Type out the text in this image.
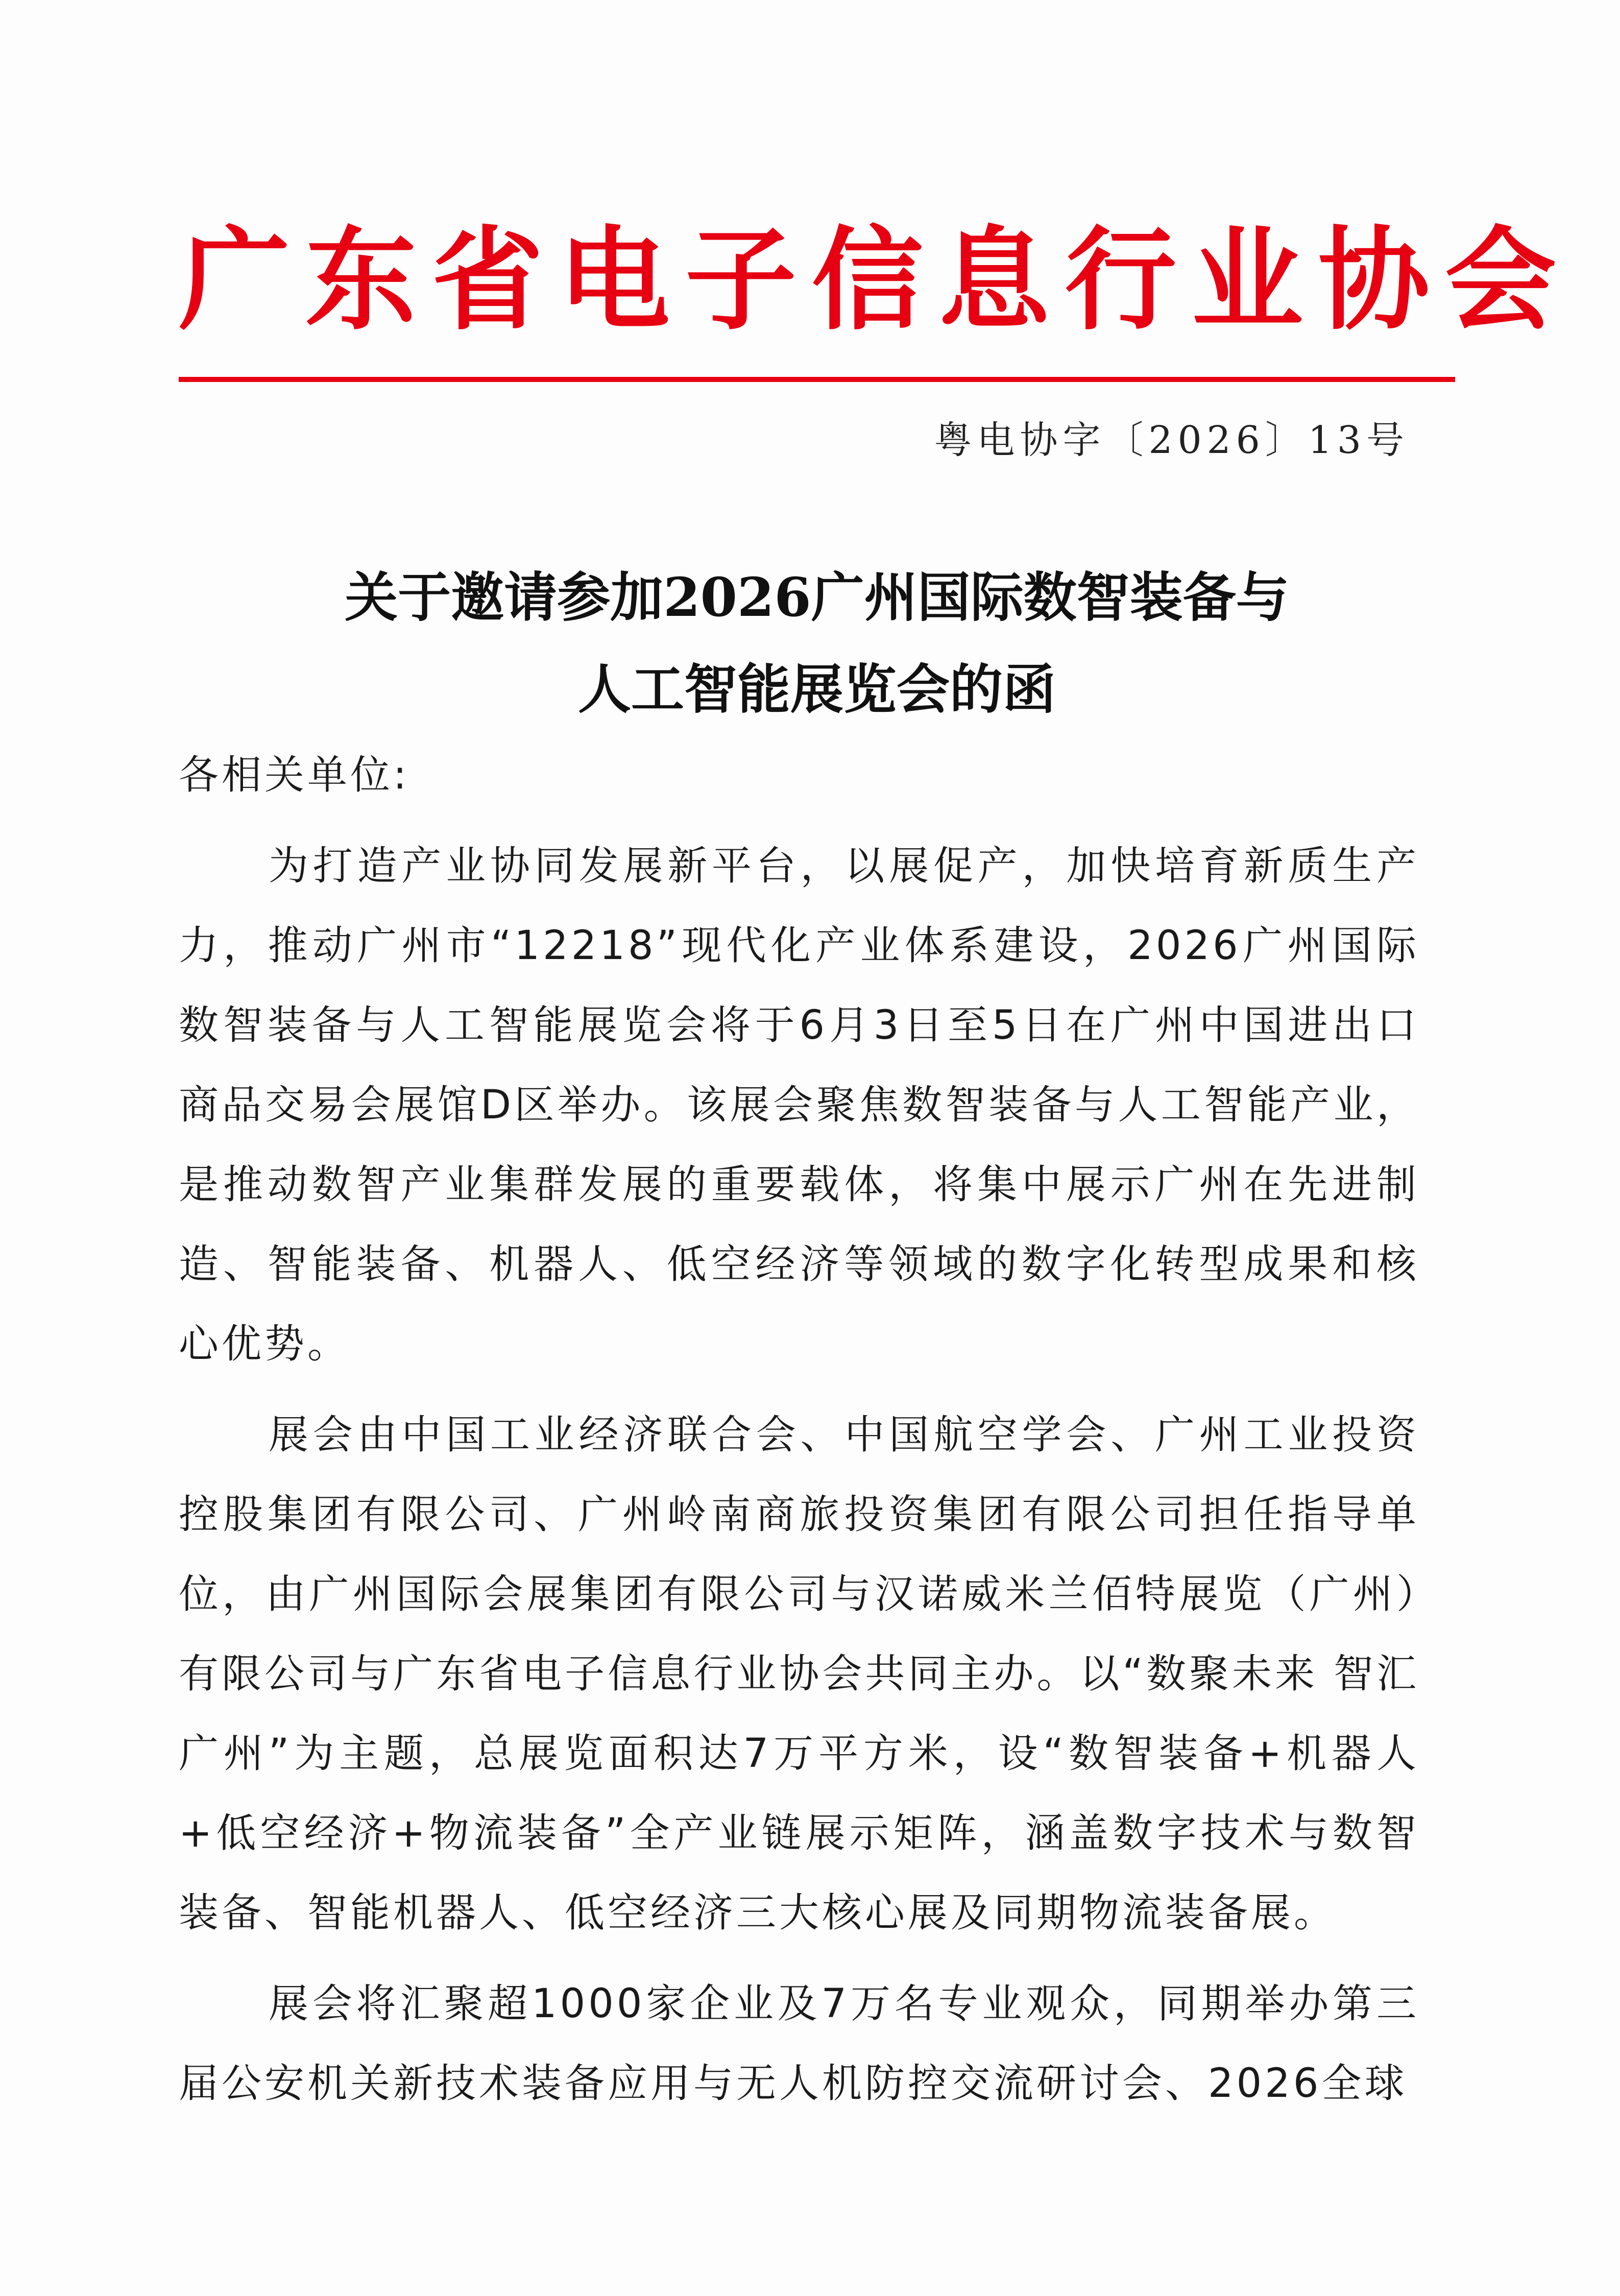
广东省电子信息行业协会
粤电协字〔2026〕13号
关于邀请参加2026广州国际数智装备与
人工智能展览会的函

各相关单位:

为打造产业协同发展新平台，以展促产，加快培育新质生产力，推动广州市“12218”现代化产业体系建设，2026广州国际数智装备与人工智能展览会将于6月3日至5日在广州中国进出口商品交易会展馆D区举办。该展会聚焦数智装备与人工智能产业，是推动数智产业集群发展的重要载体，将集中展示广州在先进制造、智能装备、机器人、低空经济等领域的数字化转型成果和核心优势。

展会由中国工业经济联合会、中国航空学会、广州工业投资控股集团有限公司、广州岭南商旅投资集团有限公司担任指导单位，由广州国际会展集团有限公司与汉诺威米兰佰特展览（广州）有限公司与广东省电子信息行业协会共同主办。以“数聚未来 智汇广州”为主题，总展览面积达7万平方米，设“数智装备+机器人+低空经济+物流装备”全产业链展示矩阵，涵盖数字技术与数智装备、智能机器人、低空经济三大核心展及同期物流装备展。

展会将汇聚超1000家企业及7万名专业观众，同期举办第三届公安机关新技术装备应用与无人机防控交流研讨会、2026全球
